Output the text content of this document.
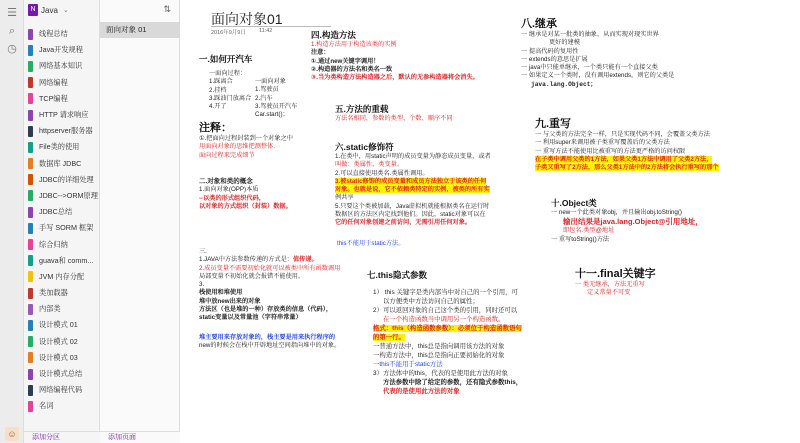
☰
⌕
◷
☺
N Java ⌄
线程总结
Java开发规程
网络基本知识
网络编程
TCP编程
HTTP 请求响应
httpserver服务器
File类的使用
数据库 JDBC
JDBC的详细处理
JDBC-->ORM原理
JDBC总结
手写 SORM 框架
综合归纳
guava和 comm...
JVM 内存分配
类加载器
内部类
设计模式 01
设计模式 02
设计模式 03
设计模式总结
网络编程代码
名词
添加分区
⇅
面向对象 01
添加页面
面向对象01
2016年9月9日 11:42
一.如何开汽车
一面向过程：
1.踩离合
2.挂档
3.踩油门放离合
4.开了
一面向对象
1.驾驶员
2.汽车
3.驾驶员开汽车
Car.start()；
注释：
①.把面向过程封装到一个对象之中
用面向对象的思维把测整体.
面向过程来完成细节
二.对象和类的概念
1.面向对象(OPP)本质
--以类的形式组织代码，
以对象的方式组织（封装）数据。
三.
1.JAVA中方法参数传递的方式是：值传递。
2.成员变量不需要初始化就可以被类中所有函数调用
局部变量不初始化就会报错不能使用。
3.
栈使用和堆使用
堆中放new出来的对象
方法区（也是堆的一种）存放类的信息（代码），
static变量以及常量池（字符串常量）
堆主要用来存放对象的，栈主要是用来执行程序的
new的时候会在栈中开辟地址空间指向堆中的对象。
四.构造方法
1.构造方法用于构造该类的实例
注意：
①.通过new关键字调用！
②.构造器的方法名和类名一致
③.当为类构造方法构造器之后，默认的无参构造器将会消失。
五.方法的重载
方法名相同，参数的类型、个数、顺序不同
六.static修饰符
1.在类中，用static声明的成员变量为静态成员变量，或者
叫做：类属性，类变量。
2.可以直接使用类名.类属性调用。
3.被static修饰的成员变量和成员方法独立于该类的任何
对象。也就是说，它不依赖类特定的实例，被类的所有实
例共享
5.只要这个类被加载，Java虚拟机就能根据类名在运行时
数据区的方法区内定找到他们。因此，static对象可以在
它的任何对象创建之前访问，无需引用任何对象。
this不能用于static方法。
七.this隐式参数
1） this 关键字是类内部当中对自己的一个引用，可
以方便类中方法访问自己的属性；
2）可以返回对象的自己这个类的引用，同时还可以
在一个构造函数当中调用另一个构造函数。
格式：this（构造函数参数）：必须位于构造函数语句
的第一行。
一普通方法中，this总是指向调用该方法的对象
一构造方法中，this总是指向正要初始化的对象
一this不能用于static方法
3）方法体中的this，代表的是使用此方法的对象
方法参数中除了给定的参数，还有隐式参数this，
代表的是使用此方法的对象
八.继承
一 继承是对某一批类的抽象，从而实现对现实世界
更好的建模
一 提高代码的复用性
一 extends的意思是扩展
一 java中只能单继承，一个类只能有一个直接父类
一 如果定义一个类时，没有调用extends，则它的父类是
java.lang.Object；
九.重写
一 与父类的方法完全一样，只是实现代码不同，会覆盖父类方法
一 利用super来调用被子类重写覆盖后的父类方法
一 重写方法不能使用比被重写的方法更严格的访问权限
在子类中调用父类的1方法，如果父类1方法中调用了父类2方法，
子类又重写了2方法，那么父类1方法中的2方法将会执行重写的那个
十.Object类
一 new一个此类对象obj，并且输出obj.toString()
输出结果是java.lang.Object@引用地址，
即包名.类型@地址
一 重写toString()方法
十一.final关键字
一 类无继承，方法无重写
定义常量不可变
